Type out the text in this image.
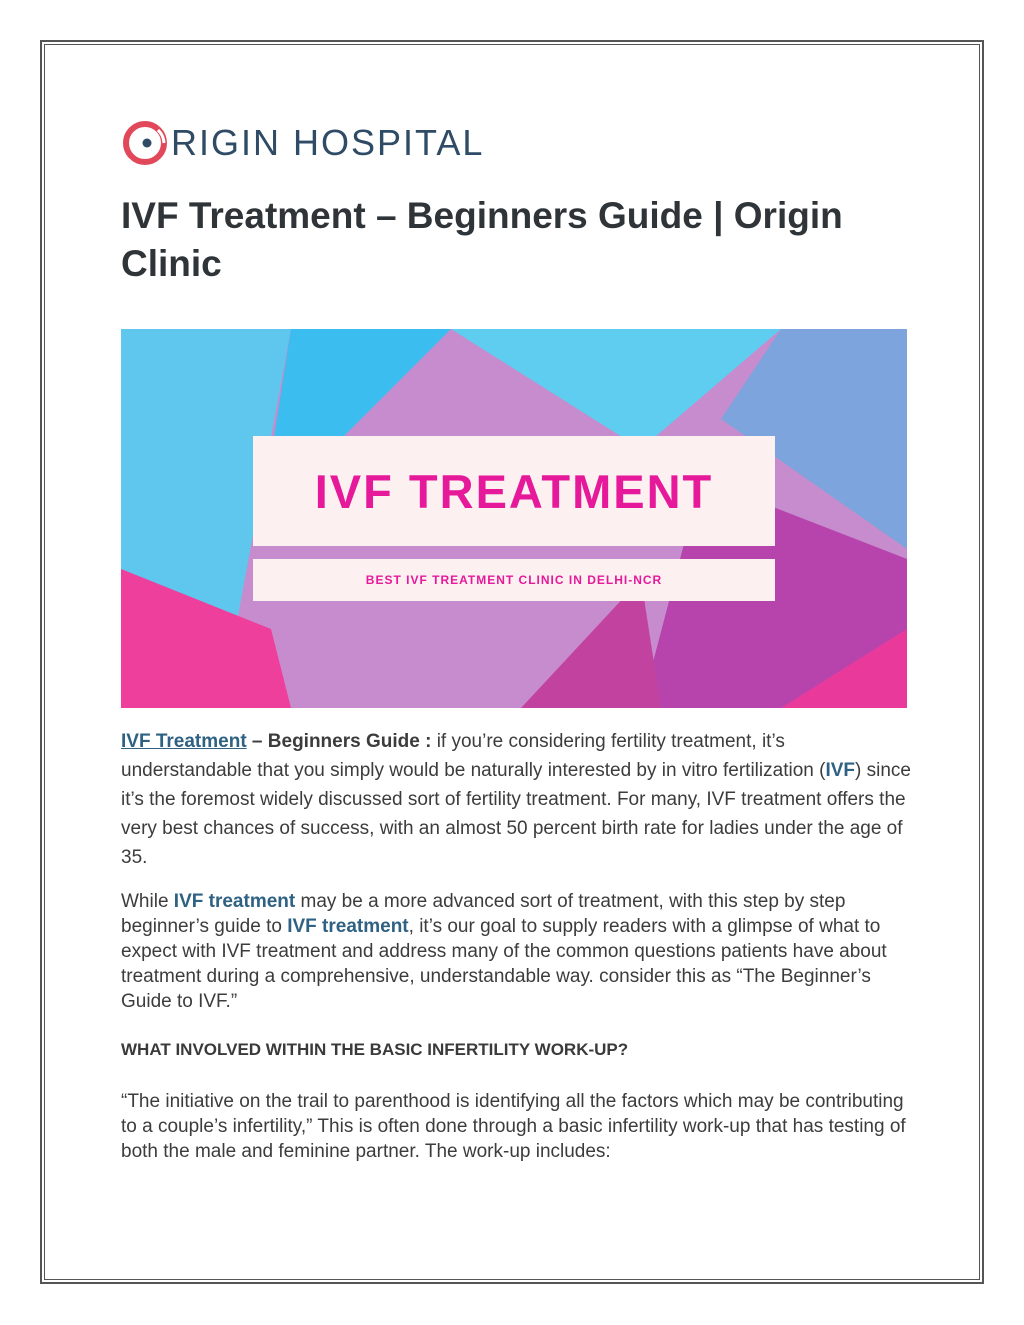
RIGIN HOSPITAL
IVF Treatment – Beginners Guide | Origin Clinic
IVF TREATMENT
BEST IVF TREATMENT CLINIC IN DELHI-NCR

IVF Treatment – Beginners Guide : if you’re considering fertility treatment, it’s understandable that you simply would be naturally interested by in vitro fertilization (IVF) since it’s the foremost widely discussed sort of fertility treatment. For many, IVF treatment offers the very best chances of success, with an almost 50 percent birth rate for ladies under the age of 35.

While IVF treatment may be a more advanced sort of treatment, with this step by step beginner’s guide to IVF treatment, it’s our goal to supply readers with a glimpse of what to expect with IVF treatment and address many of the common questions patients have about treatment during a comprehensive, understandable way. consider this as “The Beginner’s Guide to IVF.”

WHAT INVOLVED WITHIN THE BASIC INFERTILITY WORK-UP?

“The initiative on the trail to parenthood is identifying all the factors which may be contributing to a couple’s infertility,” This is often done through a basic infertility work-up that has testing of both the male and feminine partner. The work-up includes:
